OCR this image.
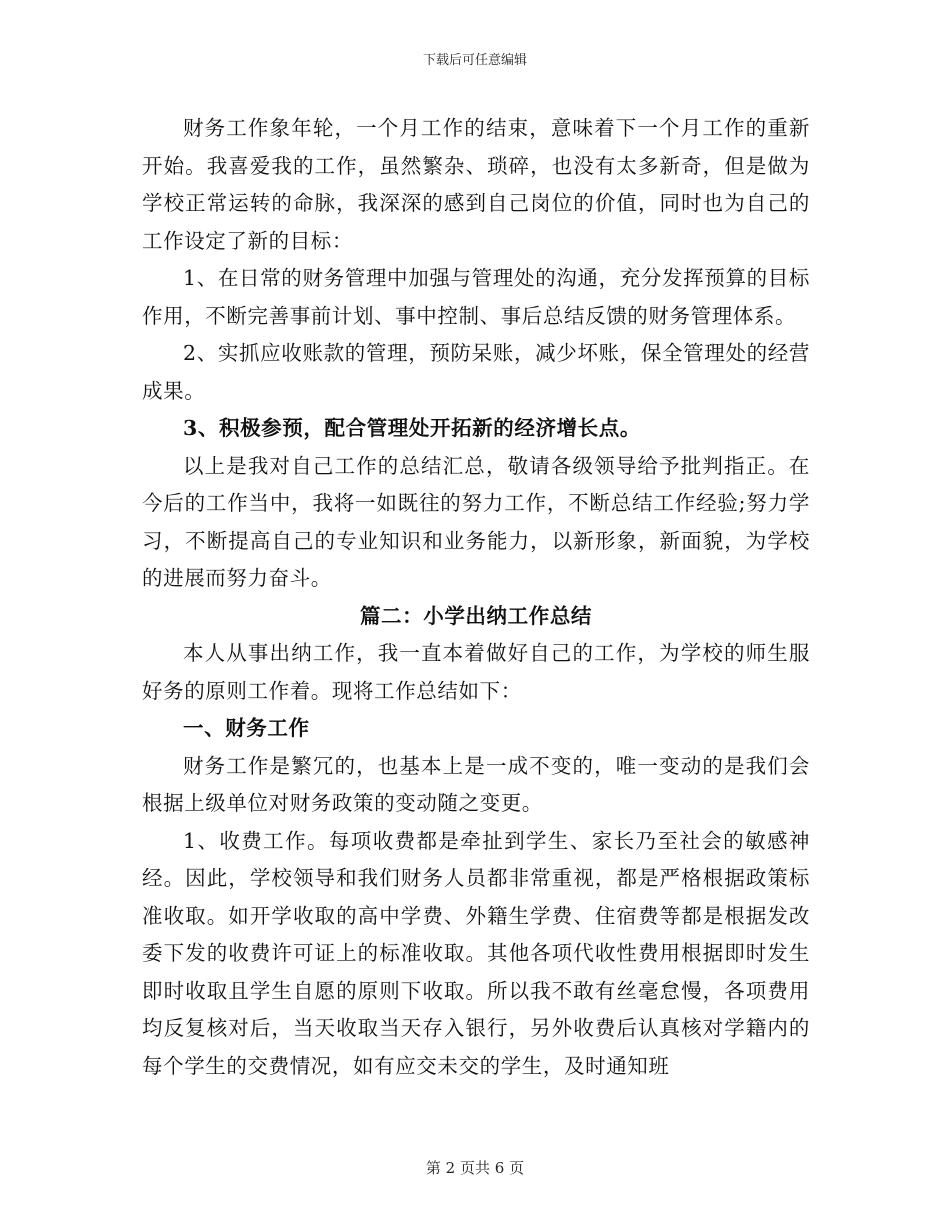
下载后可任意编辑

财务工作象年轮，一个月工作的结束，意味着下一个月工作的重新开始。我喜爱我的工作，虽然繁杂、琐碎，也没有太多新奇，但是做为学校正常运转的命脉，我深深的感到自己岗位的价值，同时也为自己的工作设定了新的目标：

1、在日常的财务管理中加强与管理处的沟通，充分发挥预算的目标作用，不断完善事前计划、事中控制、事后总结反馈的财务管理体系。

2、实抓应收账款的管理，预防呆账，减少坏账，保全管理处的经营成果。

3、积极参预，配合管理处开拓新的经济增长点。

以上是我对自己工作的总结汇总，敬请各级领导给予批判指正。在今后的工作当中，我将一如既往的努力工作，不断总结工作经验;努力学习，不断提高自己的专业知识和业务能力，以新形象，新面貌，为学校的进展而努力奋斗。

篇二：小学出纳工作总结

本人从事出纳工作，我一直本着做好自己的工作，为学校的师生服好务的原则工作着。现将工作总结如下：

一、财务工作

财务工作是繁冗的，也基本上是一成不变的，唯一变动的是我们会根据上级单位对财务政策的变动随之变更。

1、收费工作。每项收费都是牵扯到学生、家长乃至社会的敏感神经。因此，学校领导和我们财务人员都非常重视，都是严格根据政策标准收取。如开学收取的高中学费、外籍生学费、住宿费等都是根据发改委下发的收费许可证上的标准收取。其他各项代收性费用根据即时发生即时收取且学生自愿的原则下收取。所以我不敢有丝毫怠慢，各项费用均反复核对后，当天收取当天存入银行，另外收费后认真核对学籍内的每个学生的交费情况，如有应交未交的学生，及时通知班

第 2 页共 6 页
